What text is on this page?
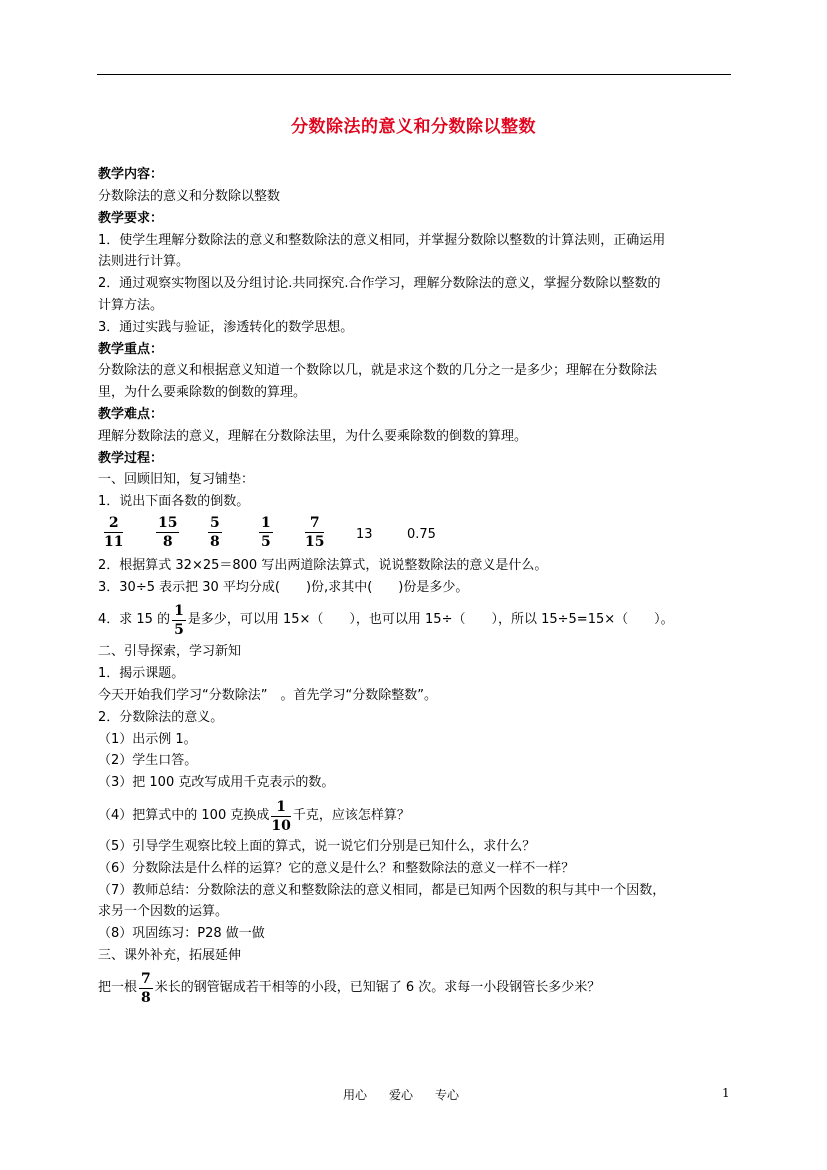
分数除法的意义和分数除以整数
教学内容：
分数除法的意义和分数除以整数
教学要求：
1．使学生理解分数除法的意义和整数除法的意义相同，并掌握分数除以整数的计算法则，正确运用
法则进行计算。
2．通过观察实物图以及分组讨论.共同探究.合作学习，理解分数除法的意义，掌握分数除以整数的
计算方法。
3．通过实践与验证，渗透转化的数学思想。
教学重点：
分数除法的意义和根据意义知道一个数除以几，就是求这个数的几分之一是多少；理解在分数除法
里，为什么要乘除数的倒数的算理。
教学难点：
理解分数除法的意义，理解在分数除法里，为什么要乘除数的倒数的算理。
教学过程：
一、回顾旧知，复习铺垫：
1．说出下面各数的倒数。
2
11
15
8
5
8
1
5
7
15 13	0.75
2．根据算式 32×25＝800 写出两道除法算式，说说整数除法的意义是什么。
3．30÷5 表示把 30 平均分成(　　)份,求其中(　　)份是多少。
4．求 15 的 $\frac{1}{5}$ 是多少，可以用 15×（　　），也可以用 15÷（　　），所以 15÷5=15×（　　）。
二、引导探索，学习新知
1．揭示课题。
今天开始我们学习“分数除法”　。首先学习“分数除整数”。
2．分数除法的意义。
（1）出示例 1。
（2）学生口答。
（3）把 100 克改写成用千克表示的数。
（4）把算式中的 100 克换成 $\frac{1}{10}$ 千克，应该怎样算？
（5）引导学生观察比较上面的算式，说一说它们分别是已知什么，求什么？
（6）分数除法是什么样的运算？它的意义是什么？和整数除法的意义一样不一样？
（7）教师总结：分数除法的意义和整数除法的意义相同，都是已知两个因数的积与其中一个因数，
求另一个因数的运算。
（8）巩固练习：P28 做一做
三、课外补充，拓展延伸
把一根 $\frac{7}{8}$ 米长的钢管锯成若干相等的小段，已知锯了 6 次。求每一小段钢管长多少米？
用心 爱心 专心	1
